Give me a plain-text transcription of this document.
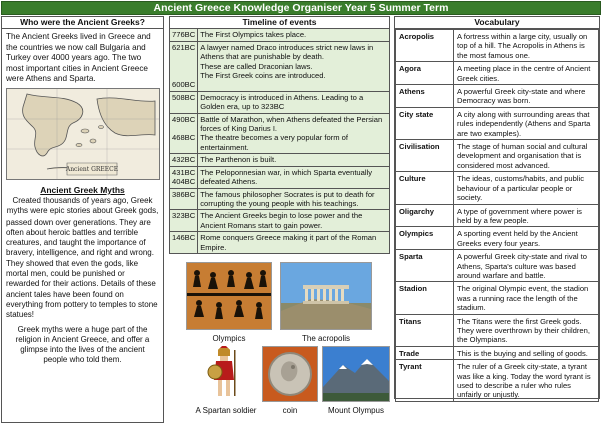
Ancient Greece Knowledge Organiser Year 5 Summer Term
Who were the Ancient Greeks?
The Ancient Greeks lived in Greece and the countries we now call Bulgaria and Turkey over 4000 years ago. The two most important cities in Ancient Greece were Athens and Sparta.
Ancient GREECE
Ancient Greek Myths
Created thousands of years ago, Greek myths were epic stories about Greek gods,
passed down over generations. They are often about heroic battles and terrible creatures, and taught the importance of bravery, intelligence, and right and wrong. They showed that even the gods, like mortal men, could be punished or rewarded for their actions. Details of these ancient tales have been found on everything from pottery to temples to stone statues!
Greek myths were a huge part of the religion in Ancient Greece, and offer a glimpse into the lives of the ancient people who told them.
Timeline of events	
776BC	The First Olympics takes place.
621BC

600BC	A lawyer named Draco introduces strict new laws in Athens that are punishable by death.
These are called Draconian laws.
The First Greek coins are introduced.
508BC	Democracy is introduced in Athens. Leading to a Golden era, up to 323BC
490BC

468BC	Battle of Marathon, when Athens defeated the Persian forces of King Darius I.
The theatre becomes a very popular form of entertainment.
432BC	The Parthenon is built.
431BC
404BC	The Peloponnesian war, in which Sparta eventually defeated Athens.
386BC	The famous philosopher Socrates is put to death for corrupting the young people with his teachings.
323BC	The Ancient Greeks begin to lose power and the Ancient Romans start to gain power.
146BC	Rome conquers Greece making it part of the Roman Empire.
Olympics	The acropolis
A Spartan soldier	coin	Mount Olympus
Vocabulary
Acropolis	A fortress within a large city, usually on top of a hill. The Acropolis in Athens is the most famous one.
Agora	A meeting place in the centre of Ancient Greek cities.
Athens	A powerful Greek city-state and where Democracy was born.
City state	A city along with surrounding areas that rules independently (Athens and Sparta are two examples).
Civilisation	The stage of human social and cultural development and organisation that is considered most advanced.
Culture	The ideas, customs/habits, and public behaviour of a particular people or society.
Oligarchy	A type of government where power is held by a few people.
Olympics	A sporting event held by the Ancient Greeks every four years.
Sparta	A powerful Greek city-state and rival to Athens, Sparta's culture was based around warfare and battle.
Stadion	The original Olympic event, the stadion was a running race the length of the stadium.
Titans	The Titans were the first Greek gods. They were overthrown by their children, the Olympians.
Trade	This is the buying and selling of goods.
Tyrant	The ruler of a Greek city-state, a tyrant was like a king. Today the word tyrant is used to describe a ruler who rules unfairly or unjustly.
